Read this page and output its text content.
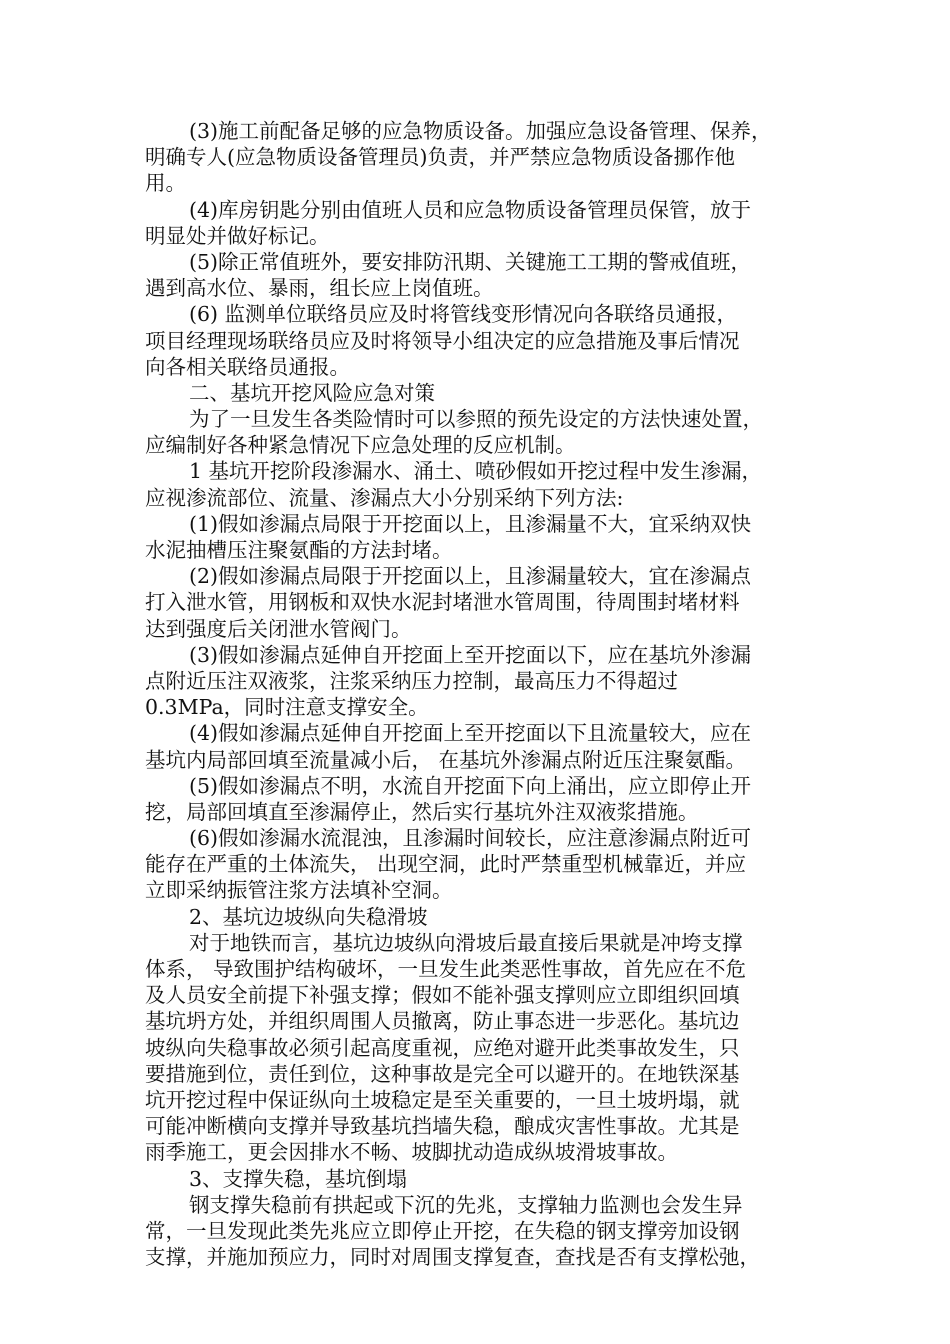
(3)施工前配备足够的应急物质设备。加强应急设备管理、保养，
明确专人(应急物质设备管理员)负责，并严禁应急物质设备挪作他
用。
(4)库房钥匙分别由值班人员和应急物质设备管理员保管，放于
明显处并做好标记。
(5)除正常值班外，要安排防汛期、关键施工工期的警戒值班，
遇到高水位、暴雨，组长应上岗值班。
(6) 监测单位联络员应及时将管线变形情况向各联络员通报，
项目经理现场联络员应及时将领导小组决定的应急措施及事后情况
向各相关联络员通报。
二、基坑开挖风险应急对策
为了一旦发生各类险情时可以参照的预先设定的方法快速处置，
应编制好各种紧急情况下应急处理的反应机制。
1 基坑开挖阶段渗漏水、涌土、喷砂假如开挖过程中发生渗漏，
应视渗流部位、流量、渗漏点大小分别采纳下列方法:
(1)假如渗漏点局限于开挖面以上，且渗漏量不大，宜采纳双快
水泥抽槽压注聚氨酯的方法封堵。
(2)假如渗漏点局限于开挖面以上，且渗漏量较大，宜在渗漏点
打入泄水管，用钢板和双快水泥封堵泄水管周围，待周围封堵材料
达到强度后关闭泄水管阀门。
(3)假如渗漏点延伸自开挖面上至开挖面以下，应在基坑外渗漏
点附近压注双液浆，注浆采纳压力控制，最高压力不得超过
0.3MPa，同时注意支撑安全。
(4)假如渗漏点延伸自开挖面上至开挖面以下且流量较大，应在
基坑内局部回填至流量减小后， 在基坑外渗漏点附近压注聚氨酯。
(5)假如渗漏点不明，水流自开挖面下向上涌出，应立即停止开
挖，局部回填直至渗漏停止，然后实行基坑外注双液浆措施。
(6)假如渗漏水流混浊，且渗漏时间较长，应注意渗漏点附近可
能存在严重的土体流失， 出现空洞，此时严禁重型机械靠近，并应
立即采纳振管注浆方法填补空洞。
2、基坑边坡纵向失稳滑坡
对于地铁而言，基坑边坡纵向滑坡后最直接后果就是冲垮支撑
体系， 导致围护结构破坏，一旦发生此类恶性事故，首先应在不危
及人员安全前提下补强支撑；假如不能补强支撑则应立即组织回填
基坑坍方处，并组织周围人员撤离，防止事态进一步恶化。基坑边
坡纵向失稳事故必须引起高度重视，应绝对避开此类事故发生，只
要措施到位，责任到位，这种事故是完全可以避开的。在地铁深基
坑开挖过程中保证纵向土坡稳定是至关重要的，一旦土坡坍塌，就
可能冲断横向支撑并导致基坑挡墙失稳，酿成灾害性事故。尤其是
雨季施工，更会因排水不畅、坡脚扰动造成纵坡滑坡事故。
3、支撑失稳，基坑倒塌
钢支撑失稳前有拱起或下沉的先兆，支撑轴力监测也会发生异
常，一旦发现此类先兆应立即停止开挖，在失稳的钢支撑旁加设钢
支撑，并施加预应力，同时对周围支撑复查，查找是否有支撑松弛，
